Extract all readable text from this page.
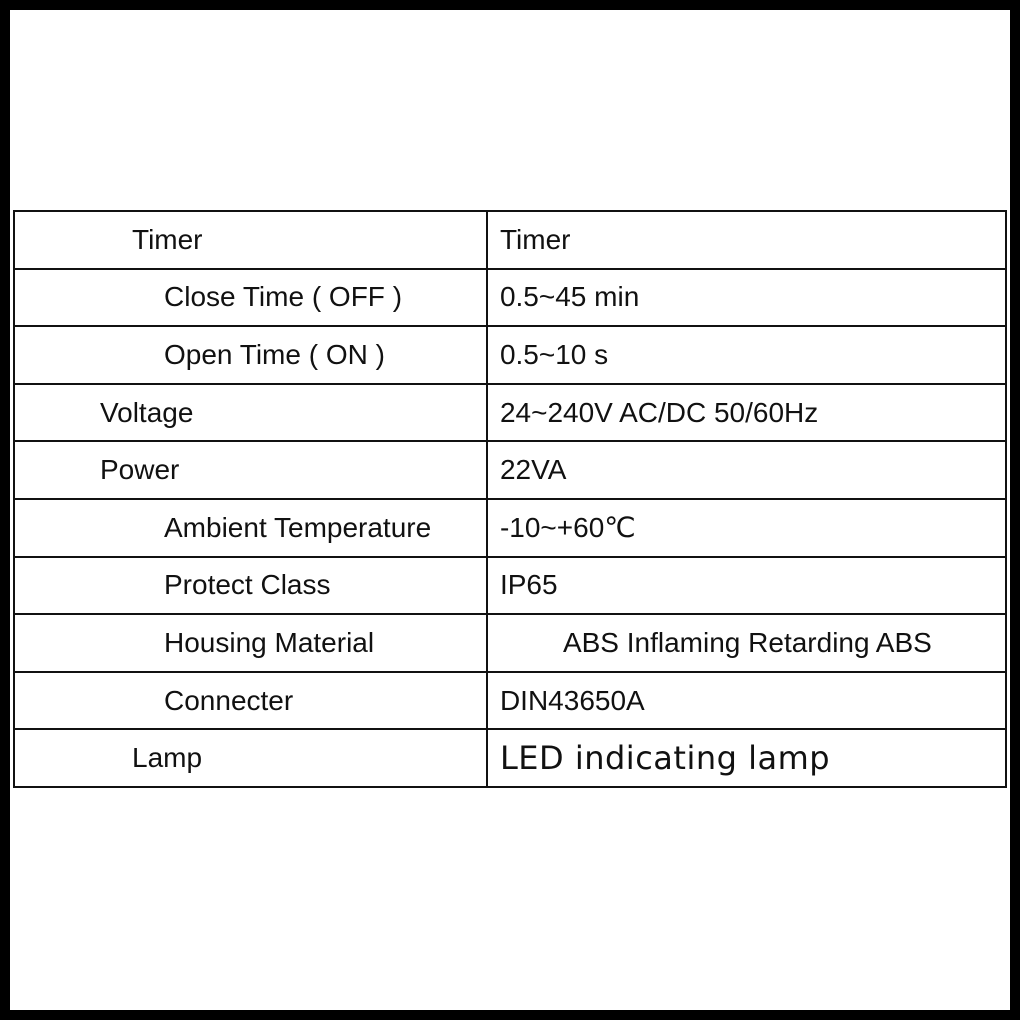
Timer	Timer
Close Time ( OFF )	0.5~45 min
Open Time ( ON )	0.5~10 s
Voltage	24~240V AC/DC 50/60Hz
Power	22VA
Ambient Temperature	-10~+60℃
Protect Class	IP65
Housing Material	ABS Inflaming Retarding ABS
Connecter	DIN43650A
Lamp	LED indicating lamp
